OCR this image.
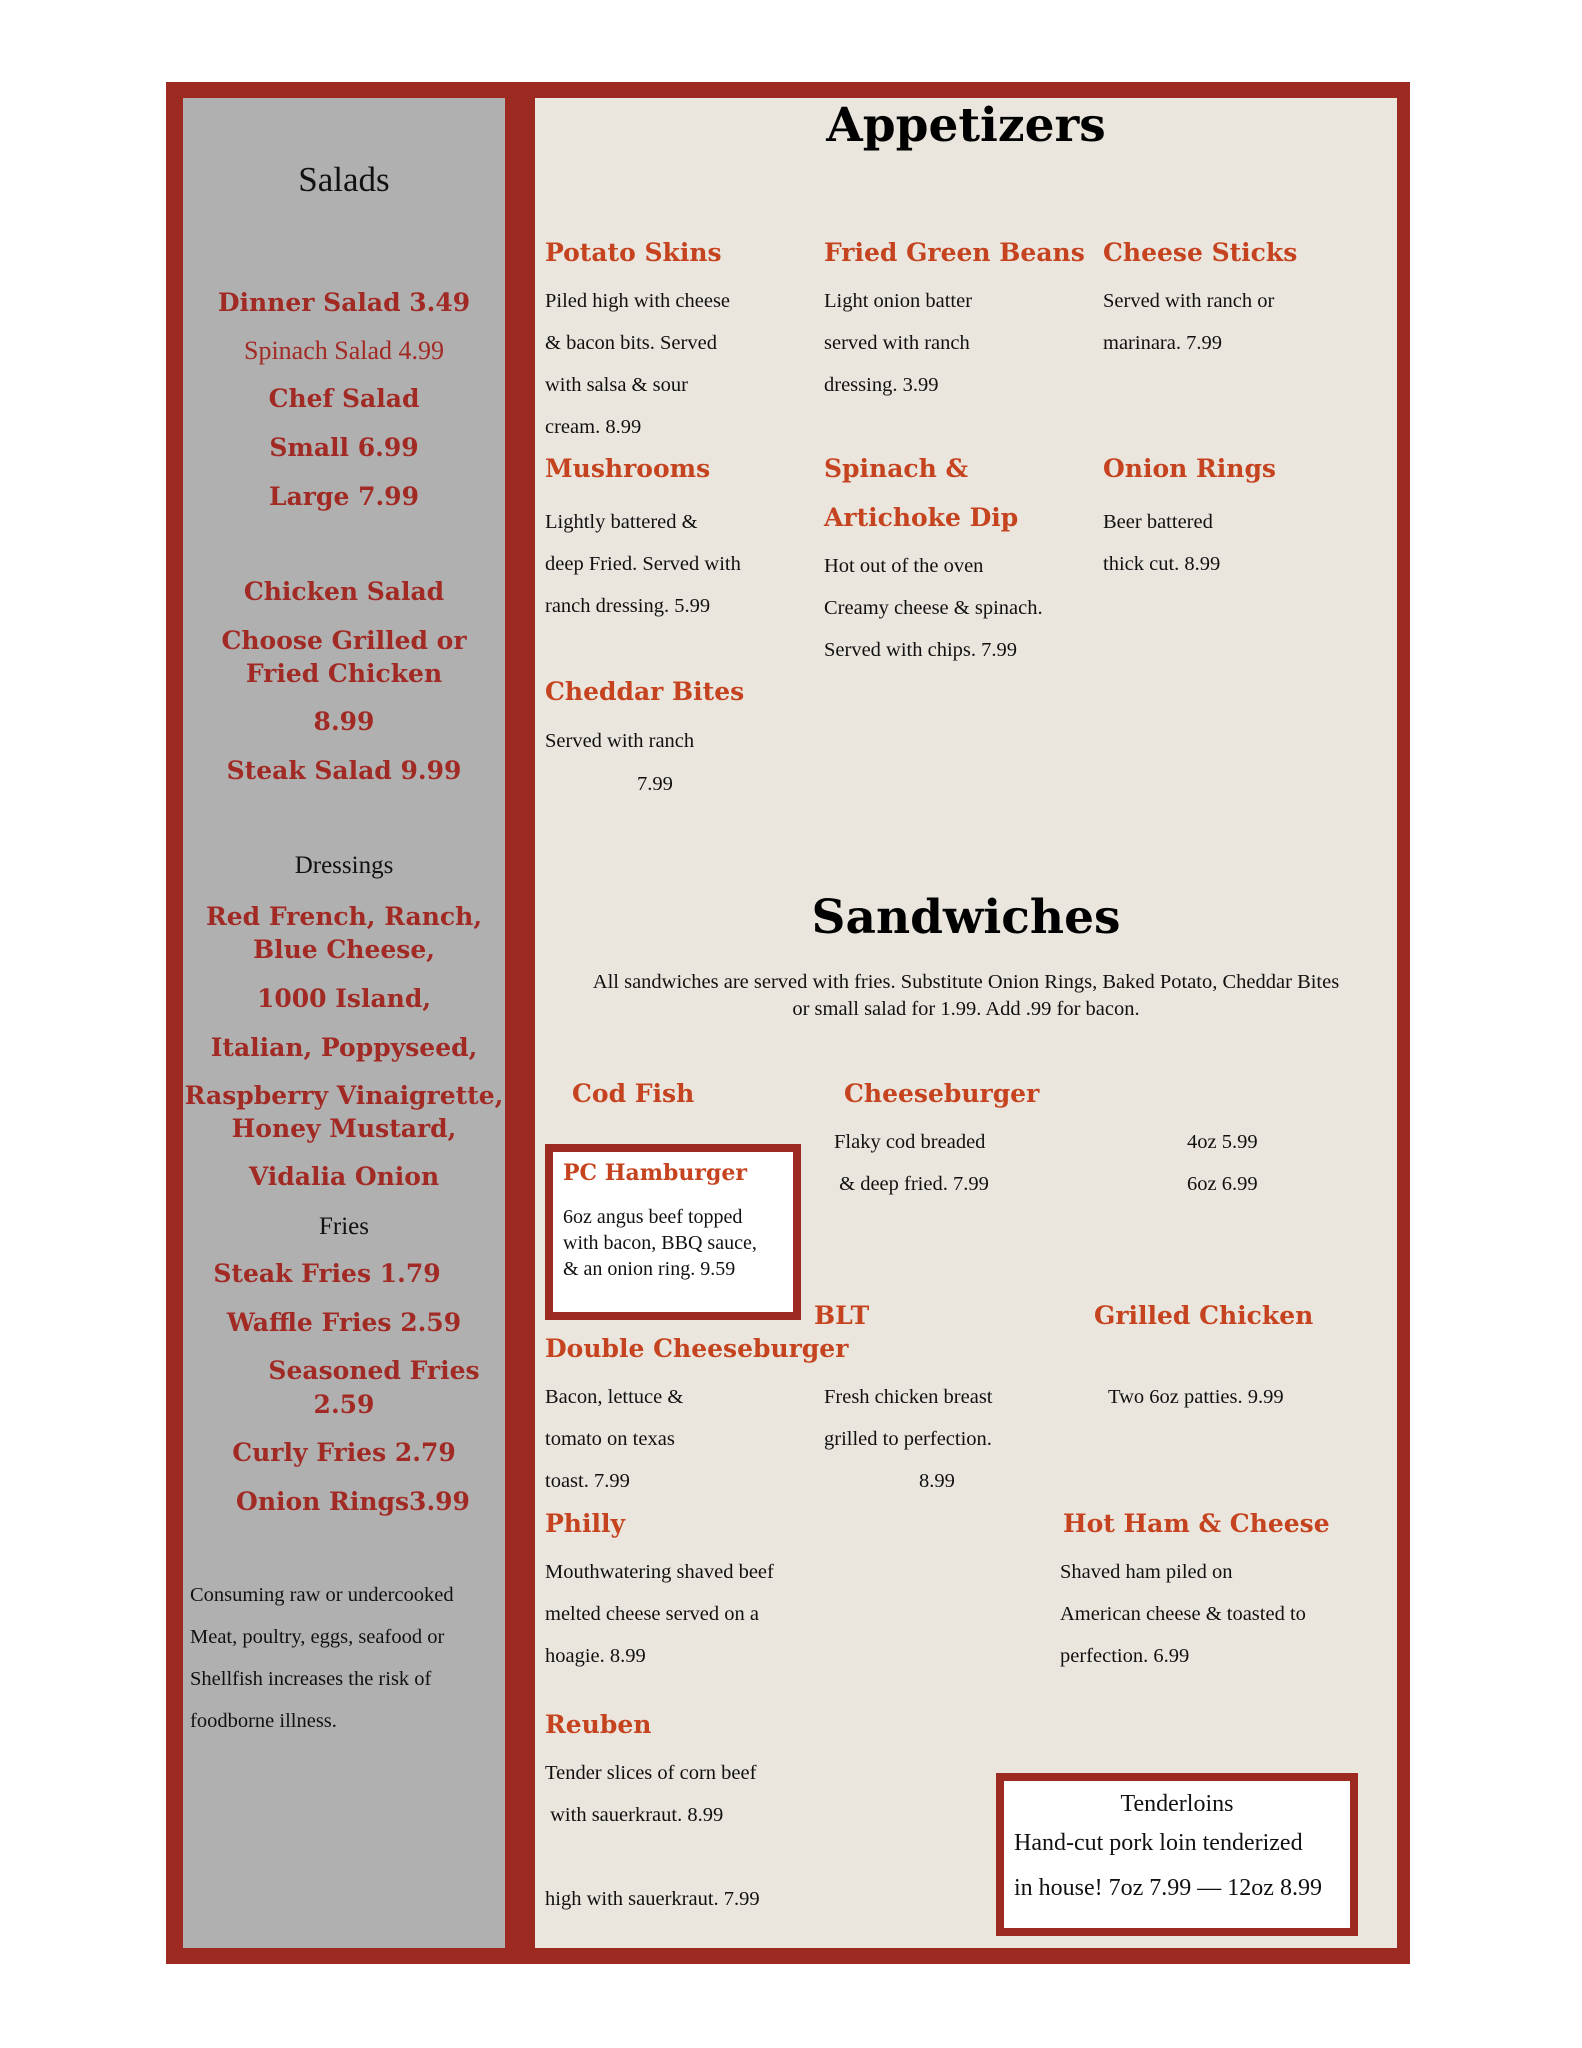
Salads
Dinner Salad 3.49
Spinach Salad 4.99
Chef Salad
Small 6.99
Large 7.99
Chicken Salad
Choose Grilled or
Fried Chicken
8.99
Steak Salad 9.99
Dressings
Red French, Ranch,
Blue Cheese,
1000 Island,
Italian, Poppyseed,
Raspberry Vinaigrette,
Honey Mustard,
Vidalia Onion
Fries
Steak Fries 1.79
Waffle Fries 2.59
Seasoned Fries
2.59
Curly Fries 2.79
Onion Rings3.99
Consuming raw or undercooked
Meat, poultry, eggs, seafood or
Shellfish increases the risk of
foodborne illness.
Appetizers
Potato Skins
Piled high with cheese
& bacon bits. Served
with salsa & sour
cream. 8.99
Fried Green Beans
Light onion batter
served with ranch
dressing. 3.99
Cheese Sticks
Served with ranch or
marinara. 7.99
Mushrooms
Lightly battered &
deep Fried. Served with
ranch dressing. 5.99
Spinach &
Artichoke Dip
Hot out of the oven
Creamy cheese & spinach.
Served with chips. 7.99
Onion Rings
Beer battered
thick cut. 8.99
Cheddar Bites
Served with ranch
7.99
Sandwiches
All sandwiches are served with fries. Substitute Onion Rings, Baked Potato, Cheddar Bites
or small salad for 1.99. Add .99 for bacon.
Cod Fish	Cheeseburger
Flaky cod breaded
& deep fried. 7.99
4oz 5.99
6oz 6.99
PC Hamburger
6oz angus beef topped
with bacon, BBQ sauce,
& an onion ring. 9.59
BLT	Grilled Chicken
Double Cheeseburger
Bacon, lettuce &
tomato on texas
toast. 7.99
Fresh chicken breast
grilled to perfection.
8.99
Two 6oz patties. 9.99
Philly
Mouthwatering shaved beef
melted cheese served on a
hoagie. 8.99
Hot Ham & Cheese
Shaved ham piled on
American cheese & toasted to
perfection. 6.99
Reuben
Tender slices of corn beef
with sauerkraut. 8.99
high with sauerkraut. 7.99
Tenderloins
Hand-cut pork loin tenderized
in house! 7oz 7.99 — 12oz 8.99
